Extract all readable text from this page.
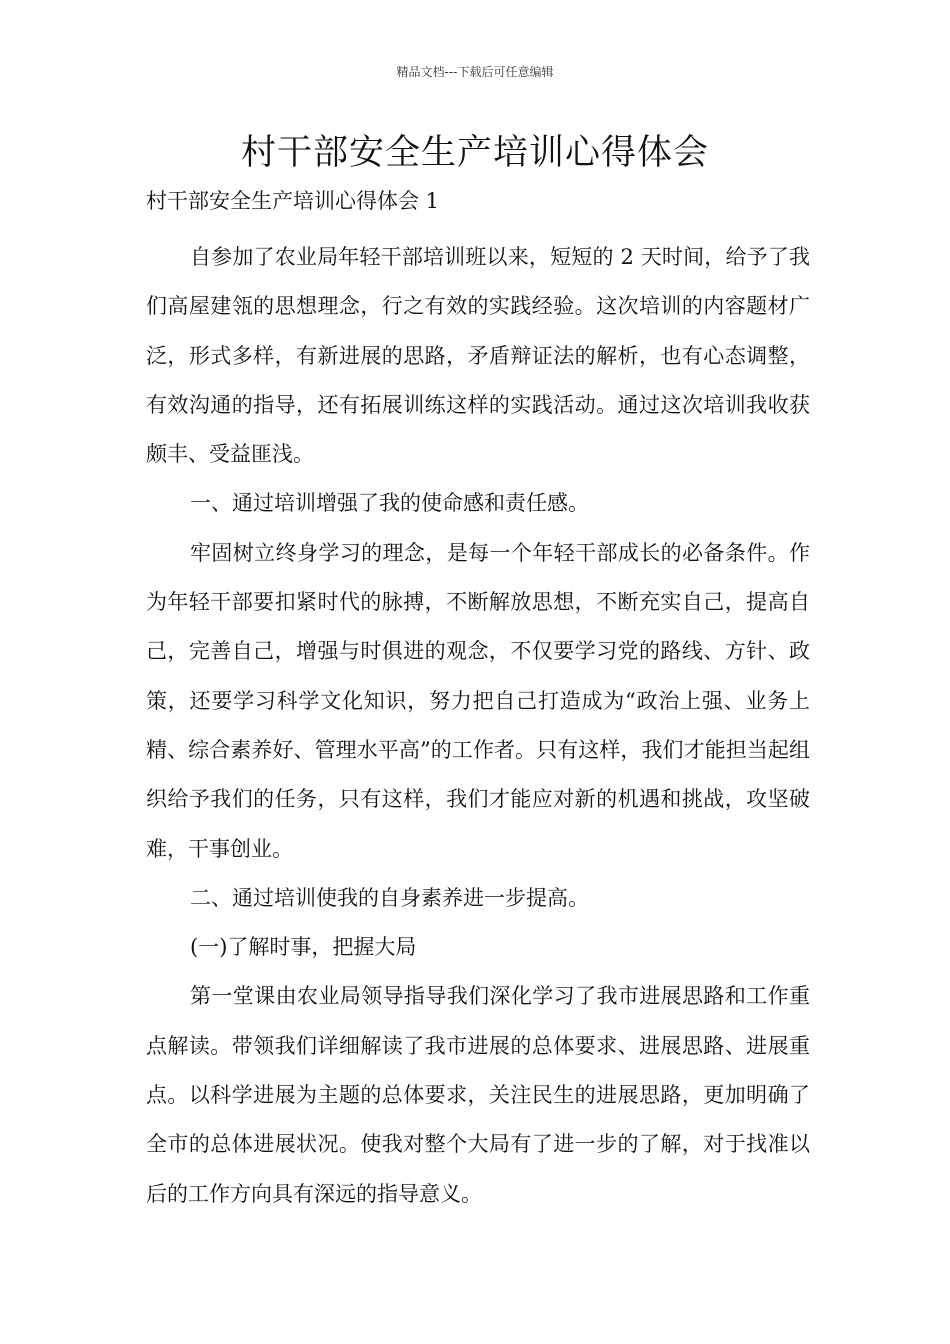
精品文档---下载后可任意编辑
村干部安全生产培训心得体会
村干部安全生产培训心得体会 1

自参加了农业局年轻干部培训班以来，短短的 2 天时间，给予了我们高屋建瓴的思想理念，行之有效的实践经验。这次培训的内容题材广泛，形式多样，有新进展的思路，矛盾辩证法的解析，也有心态调整，有效沟通的指导，还有拓展训练这样的实践活动。通过这次培训我收获颇丰、受益匪浅。

一、通过培训增强了我的使命感和责任感。

牢固树立终身学习的理念，是每一个年轻干部成长的必备条件。作为年轻干部要扣紧时代的脉搏，不断解放思想，不断充实自己，提高自己，完善自己，增强与时俱进的观念，不仅要学习党的路线、方针、政策，还要学习科学文化知识，努力把自己打造成为“政治上强、业务上精、综合素养好、管理水平高”的工作者。只有这样，我们才能担当起组织给予我们的任务，只有这样，我们才能应对新的机遇和挑战，攻坚破难，干事创业。

二、通过培训使我的自身素养进一步提高。

(一)了解时事，把握大局

第一堂课由农业局领导指导我们深化学习了我市进展思路和工作重点解读。带领我们详细解读了我市进展的总体要求、进展思路、进展重点。以科学进展为主题的总体要求，关注民生的进展思路，更加明确了全市的总体进展状况。使我对整个大局有了进一步的了解，对于找准以后的工作方向具有深远的指导意义。
